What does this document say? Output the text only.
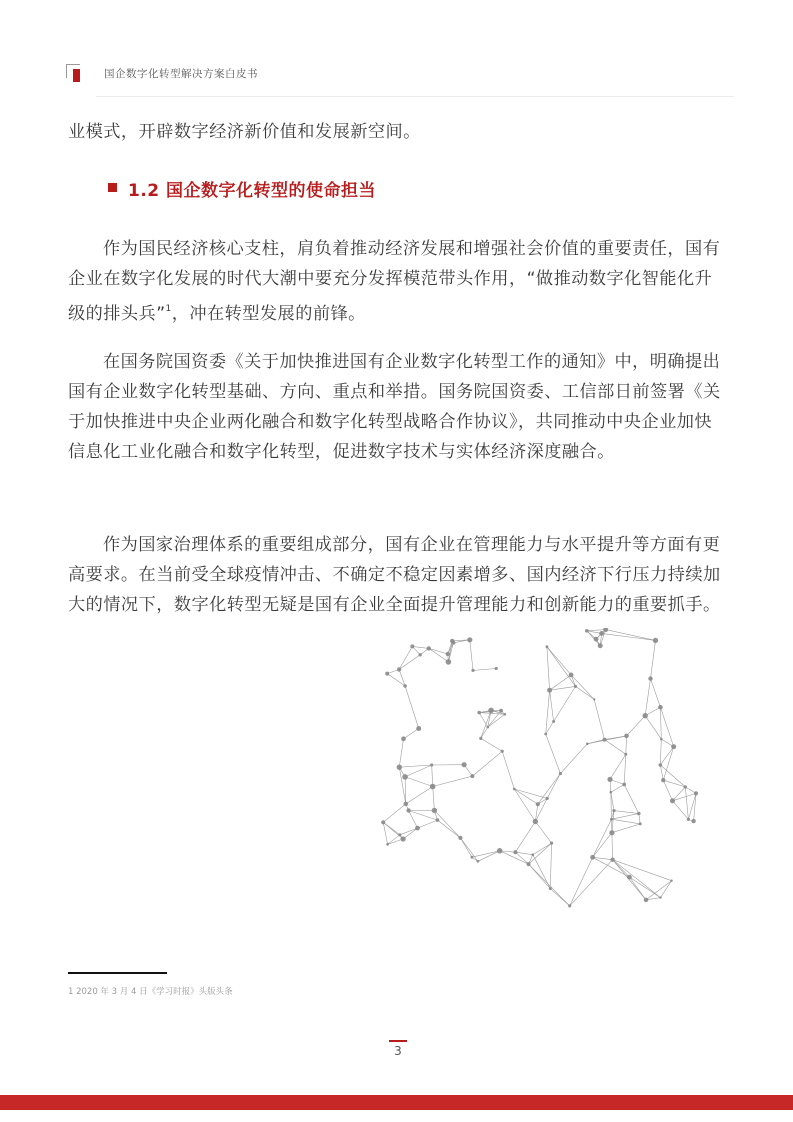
国企数字化转型解决方案白皮书

业模式，开辟数字经济新价值和发展新空间。

1.2 国企数字化转型的使命担当

作为国民经济核心支柱，肩负着推动经济发展和增强社会价值的重要责任，国有企业在数字化发展的时代大潮中要充分发挥模范带头作用，“做推动数字化智能化升级的排头兵”$^1$，冲在转型发展的前锋。

在国务院国资委《关于加快推进国有企业数字化转型工作的通知》中，明确提出国有企业数字化转型基础、方向、重点和举措。国务院国资委、工信部日前签署《关于加快推进中央企业两化融合和数字化转型战略合作协议》，共同推动中央企业加快信息化工业化融合和数字化转型，促进数字技术与实体经济深度融合。

作为国家治理体系的重要组成部分，国有企业在管理能力与水平提升等方面有更高要求。在当前受全球疫情冲击、不确定不稳定因素增多、国内经济下行压力持续加大的情况下，数字化转型无疑是国有企业全面提升管理能力和创新能力的重要抓手。

1 2020 年 3 月 4 日《学习时报》头版头条
3
